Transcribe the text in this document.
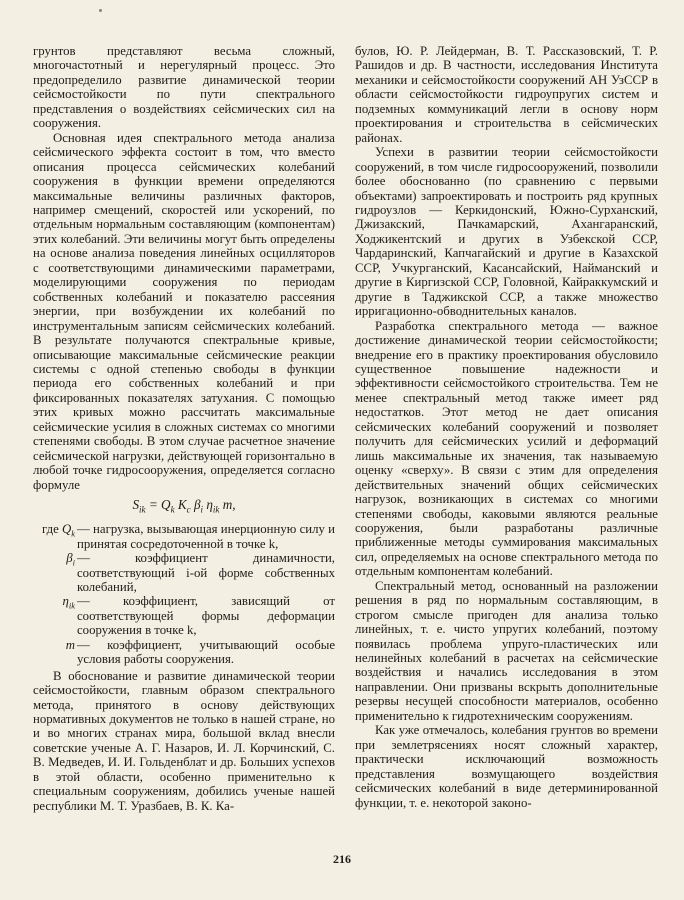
грунтов представляют весьма сложный, многочастотный и нерегулярный процесс. Это предопределило развитие динамической теории сейсмостойкости по пути спектрального представления о воздействиях сейсмических сил на сооружения.

Основная идея спектрального метода анализа сейсмического эффекта состоит в том, что вместо описания процесса сейсмических колебаний сооружения в функции времени определяются максимальные величины различных факторов, например смещений, скоростей или ускорений, по отдельным нормальным составляющим (компонентам) этих колебаний. Эти величины могут быть определены на основе анализа поведения линейных осцилляторов с соответствующими динамическими параметрами, моделирующими сооружения по периодам собственных колебаний и показателю рассеяния энергии, при возбуждении их колебаний по инструментальным записям сейсмических колебаний. В результате получаются спектральные кривые, описывающие максимальные сейсмические реакции системы с одной степенью свободы в функции периода его собственных колебаний и при фиксированных показателях затухания. С помощью этих кривых можно рассчитать максимальные сейсмические усилия в сложных системах со многими степенями свободы. В этом случае расчетное значение сейсмической нагрузки, действующей горизонтально в любой точке гидросооружения, определяется согласно формуле

$S_{ik} = Q_k$ $K_c$ $\beta_i$ $\eta_{ik}$ m,
где $Q_k$ — нагрузка, вызывающая инерционную силу и принятая сосредоточенной в точке k,
$\beta_i$ — коэффициент динамичности, соответствующий i-ой форме собственных колебаний,
$\eta_{ik}$ — коэффициент, зависящий от соответствующей формы деформации сооружения в точке k,
m — коэффициент, учитывающий особые условия работы сооружения.

В обоснование и развитие динамической теории сейсмостойкости, главным образом спектрального метода, принятого в основу действующих нормативных документов не только в нашей стране, но и во многих странах мира, большой вклад внесли советские ученые А. Г. Назаров, И. Л. Корчинский, С. В. Медведев, И. И. Гольденблат и др. Больших успехов в этой области, особенно применительно к специальным сооружениям, добились ученые нашей республики М. Т. Уразбаев, В. К. Ка-

булов, Ю. Р. Лейдерман, В. Т. Рассказовский, Т. Р. Рашидов и др. В частности, исследования Института механики и сейсмостойкости сооружений АН УзССР в области сейсмостойкости гидроупругих систем и подземных коммуникаций легли в основу норм проектирования и строительства в сейсмических районах.

Успехи в развитии теории сейсмостойкости сооружений, в том числе гидросооружений, позволили более обоснованно (по сравнению с первыми объектами) запроектировать и построить ряд крупных гидроузлов — Керкидонский, Южно-Сурханский, Джизакский, Пачкамарский, Ахангаранский, Ходжикентский и других в Узбекской ССР, Чардаринский, Капчагайский и другие в Казахской ССР, Учкурганский, Касансайский, Найманский и другие в Киргизской ССР, Головной, Кайраккумский и другие в Таджикской ССР, а также множество ирригационно-обводнительных каналов.

Разработка спектрального метода — важное достижение динамической теории сейсмостойкости; внедрение его в практику проектирования обусловило существенное повышение надежности и эффективности сейсмостойкого строительства. Тем не менее спектральный метод также имеет ряд недостатков. Этот метод не дает описания сейсмических колебаний сооружений и позволяет получить для сейсмических усилий и деформаций лишь максимальные их значения, так называемую оценку «сверху». В связи с этим для определения действительных значений общих сейсмических нагрузок, возникающих в системах со многими степенями свободы, каковыми являются реальные сооружения, были разработаны различные приближенные методы суммирования максимальных сил, определяемых на основе спектрального метода по отдельным компонентам колебаний.

Спектральный метод, основанный на разложении решения в ряд по нормальным составляющим, в строгом смысле пригоден для анализа только линейных, т. е. чисто упругих колебаний, поэтому появилась проблема упруго-пластических или нелинейных колебаний в расчетах на сейсмические воздействия и начались исследования в этом направлении. Они призваны вскрыть дополнительные резервы несущей способности материалов, особенно применительно к гидротехническим сооружениям.

Как уже отмечалось, колебания грунтов во времени при землетрясениях носят сложный характер, практически исключающий возможность представления возмущающего воздействия сейсмических колебаний в виде детерминированной функции, т. е. некоторой законо-

216
